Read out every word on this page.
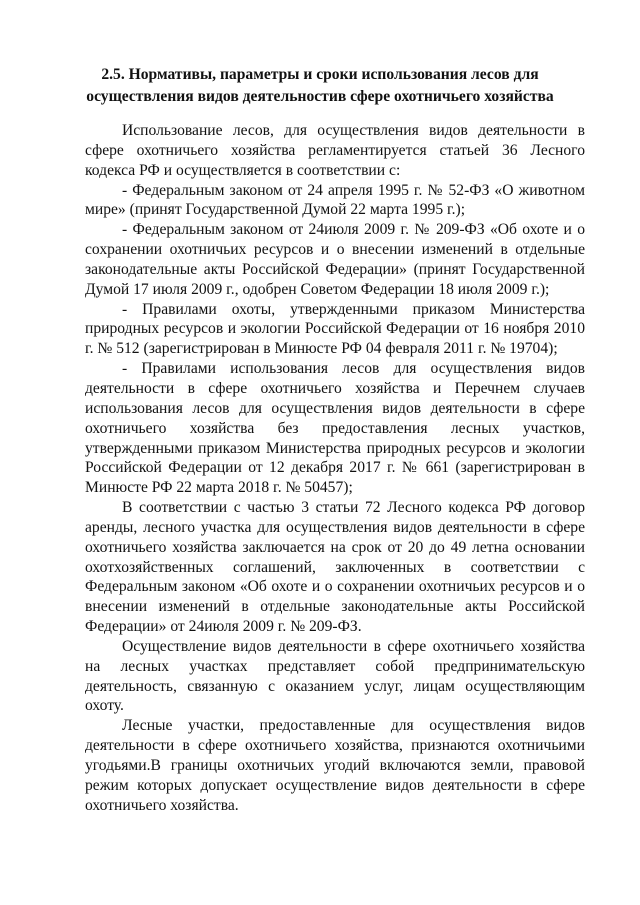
2.5. Нормативы, параметры и сроки использования лесов для
осуществления видов деятельностив сфере охотничьего хозяйства

Использование лесов, для осуществления видов деятельности в сфере охотничьего хозяйства регламентируется статьей 36 Лесного кодекса РФ и осуществляется в соответствии с:

- Федеральным законом от 24 апреля 1995 г. № 52-ФЗ «О животном мире» (принят Государственной Думой 22 марта 1995 г.);

- Федеральным законом от 24июля 2009 г. № 209-ФЗ «Об охоте и о сохранении охотничьих ресурсов и о внесении изменений в отдельные законодательные акты Российской Федерации» (принят Государственной Думой 17 июля 2009 г., одобрен Советом Федерации 18 июля 2009 г.);

- Правилами охоты, утвержденными приказом Министерства природных ресурсов и экологии Российской Федерации от 16 ноября 2010 г. № 512 (зарегистрирован в Минюсте РФ 04 февраля 2011 г. № 19704);

- Правилами использования лесов для осуществления видов деятельности в сфере охотничьего хозяйства и Перечнем случаев использования лесов для осуществления видов деятельности в сфере охотничьего хозяйства без предоставления лесных участков, утвержденными приказом Министерства природных ресурсов и экологии Российской Федерации от 12 декабря 2017 г. № 661 (зарегистрирован в Минюсте РФ 22 марта 2018 г. № 50457);

В соответствии с частью 3 статьи 72 Лесного кодекса РФ договор аренды, лесного участка для осуществления видов деятельности в сфере охотничьего хозяйства заключается на срок от 20 до 49 летна основании охотхозяйственных соглашений, заключенных в соответствии с Федеральным законом «Об охоте и о сохранении охотничьих ресурсов и о внесении изменений в отдельные законодательные акты Российской Федерации» от 24июля 2009 г. № 209-ФЗ.

Осуществление видов деятельности в сфере охотничьего хозяйства на лесных участках представляет собой предпринимательскую деятельность, связанную с оказанием услуг, лицам осуществляющим охоту.

Лесные участки, предоставленные для осуществления видов деятельности в сфере охотничьего хозяйства, признаются охотничьими угодьями.В границы охотничьих угодий включаются земли, правовой режим которых допускает осуществление видов деятельности в сфере охотничьего хозяйства.
